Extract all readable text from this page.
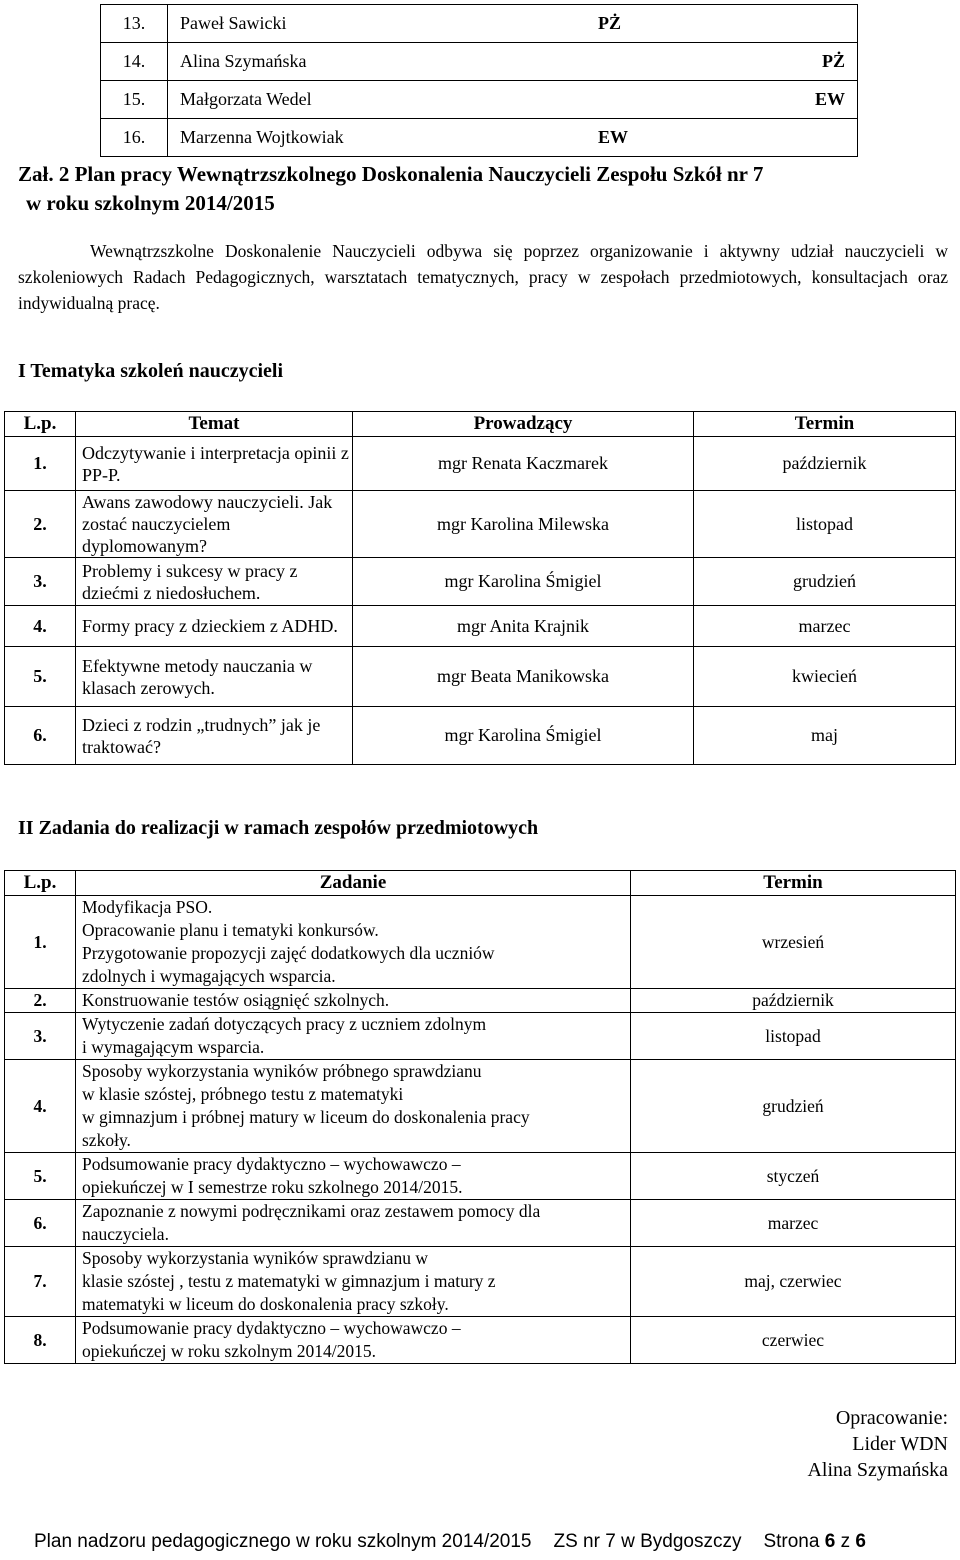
13.	Paweł Sawicki PŻ

14.	Alina Szymańska PŻ

15.	Małgorzata Wedel EW

16.	Marzenna Wojtkowiak EW
Zał. 2 Plan pracy Wewnątrzszkolnego Doskonalenia Nauczycieli Zespołu Szkół nr 7
w roku szkolnym 2014/2015
Wewnątrzszkolne Doskonalenie Nauczycieli odbywa się poprzez organizowanie i aktywny udział nauczycieli w szkoleniowych Radach Pedagogicznych, warsztatach tematycznych, pracy w zespołach przedmiotowych, konsultacjach oraz indywidualną pracę.
I Tematyka szkoleń nauczycieli
L.p.	Temat	Prowadzący	Termin
1.	Odczytywanie i interpretacja opinii z PP-P.	mgr Renata Kaczmarek	październik
2.	Awans zawodowy nauczycieli. Jak zostać nauczycielem dyplomowanym?	mgr Karolina Milewska	listopad
3.	Problemy i sukcesy w pracy z dziećmi z niedosłuchem.	mgr Karolina Śmigiel	grudzień
4.	Formy pracy z dzieckiem z ADHD.	mgr Anita Krajnik	marzec
5.	Efektywne metody nauczania w klasach zerowych.	mgr Beata Manikowska	kwiecień
6.	Dzieci z rodzin „trudnych” jak je traktować?	mgr Karolina Śmigiel	maj
II Zadania do realizacji w ramach zespołów przedmiotowych
L.p.	Zadanie	Termin
1.	Modyfikacja PSO.
Opracowanie planu i tematyki konkursów.
Przygotowanie propozycji zajęć dodatkowych dla uczniów
zdolnych i wymagających wsparcia.	wrzesień
2.	Konstruowanie testów osiągnięć szkolnych.	październik
3.	Wytyczenie zadań dotyczących pracy z uczniem zdolnym
i wymagającym wsparcia.	listopad
4.	Sposoby wykorzystania wyników próbnego sprawdzianu
w klasie szóstej, próbnego testu z matematyki
w gimnazjum i próbnej matury w liceum do doskonalenia pracy
szkoły.	grudzień
5.	Podsumowanie pracy dydaktyczno – wychowawczo –
opiekuńczej w I semestrze roku szkolnego 2014/2015.	styczeń
6.	Zapoznanie z nowymi podręcznikami oraz zestawem pomocy dla
nauczyciela.	marzec
7.	Sposoby wykorzystania wyników sprawdzianu w
klasie szóstej , testu z matematyki w gimnazjum i matury z
matematyki w liceum do doskonalenia pracy szkoły.	maj, czerwiec
8.	Podsumowanie pracy dydaktyczno – wychowawczo –
opiekuńczej w roku szkolnym 2014/2015.	czerwiec
Opracowanie:
Lider WDN
Alina Szymańska
Plan nadzoru pedagogicznego w roku szkolnym 2014/2015 ZS nr 7 w Bydgoszczy Strona 6 z 6
